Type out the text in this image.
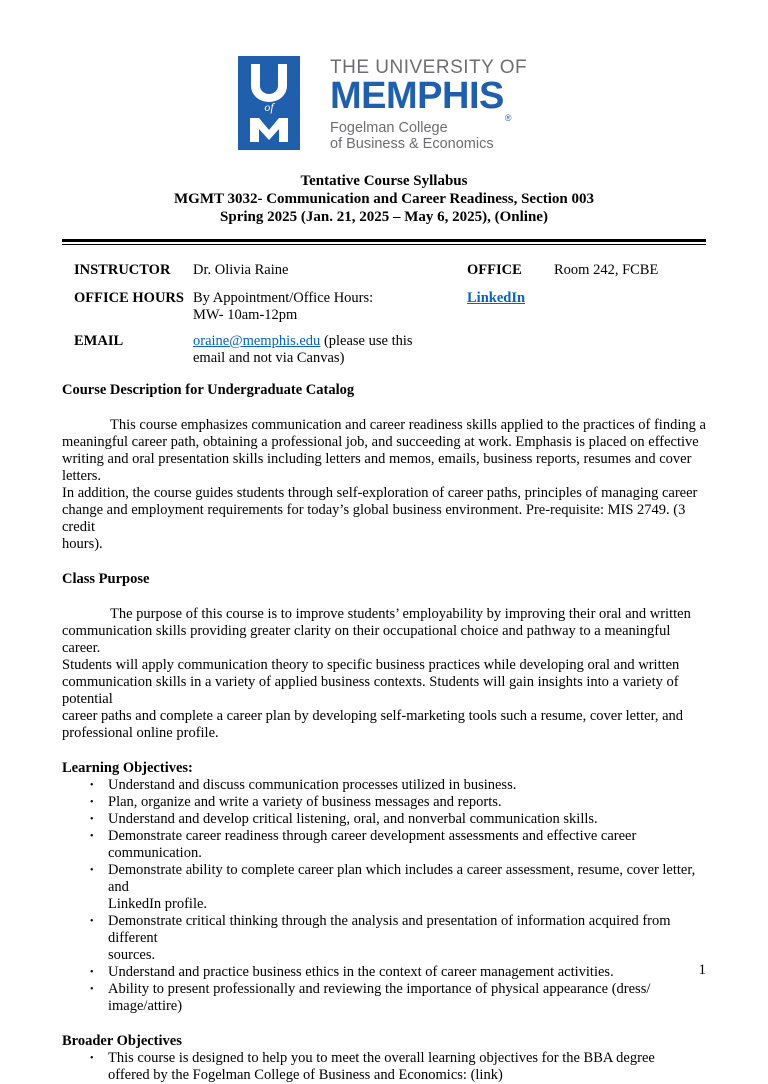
of
THE UNIVERSITY OF
MEMPHIS®
Fogelman College
of Business & Economics
Tentative Course Syllabus
MGMT 3032- Communication and Career Readiness, Section 003
Spring 2025 (Jan. 21, 2025 – May 6, 2025), (Online)
INSTRUCTOR Dr. Olivia Raine	OFFICE Room 242, FCBE
OFFICE HOURS By Appointment/Office Hours:
MW- 10am-12pm
LinkedIn
EMAIL	oraine@memphis.edu (please use this
email and not via Canvas)

Course Description for Undergraduate Catalog

This course emphasizes communication and career readiness skills applied to the practices of finding a
meaningful career path, obtaining a professional job, and succeeding at work. Emphasis is placed on effective
writing and oral presentation skills including letters and memos, emails, business reports, resumes and cover letters.
In addition, the course guides students through self-exploration of career paths, principles of managing career
change and employment requirements for today’s global business environment. Pre-requisite: MIS 2749. (3 credit
hours).

Class Purpose

The purpose of this course is to improve students’ employability by improving their oral and written
communication skills providing greater clarity on their occupational choice and pathway to a meaningful career.
Students will apply communication theory to specific business practices while developing oral and written
communication skills in a variety of applied business contexts. Students will gain insights into a variety of potential
career paths and complete a career plan by developing self-marketing tools such a resume, cover letter, and
professional online profile.

Learning Objectives:

• Understand and discuss communication processes utilized in business.
• Plan, organize and write a variety of business messages and reports.
• Understand and develop critical listening, oral, and nonverbal communication skills.
• Demonstrate career readiness through career development assessments and effective career communication.
• Demonstrate ability to complete career plan which includes a career assessment, resume, cover letter, and
LinkedIn profile.
• Demonstrate critical thinking through the analysis and presentation of information acquired from different
sources.
• Understand and practice business ethics in the context of career management activities.
• Ability to present professionally and reviewing the importance of physical appearance (dress/ image/attire)

Broader Objectives

• This course is designed to help you to meet the overall learning objectives for the BBA degree
offered by the Fogelman College of Business and Economics: (link)
1
